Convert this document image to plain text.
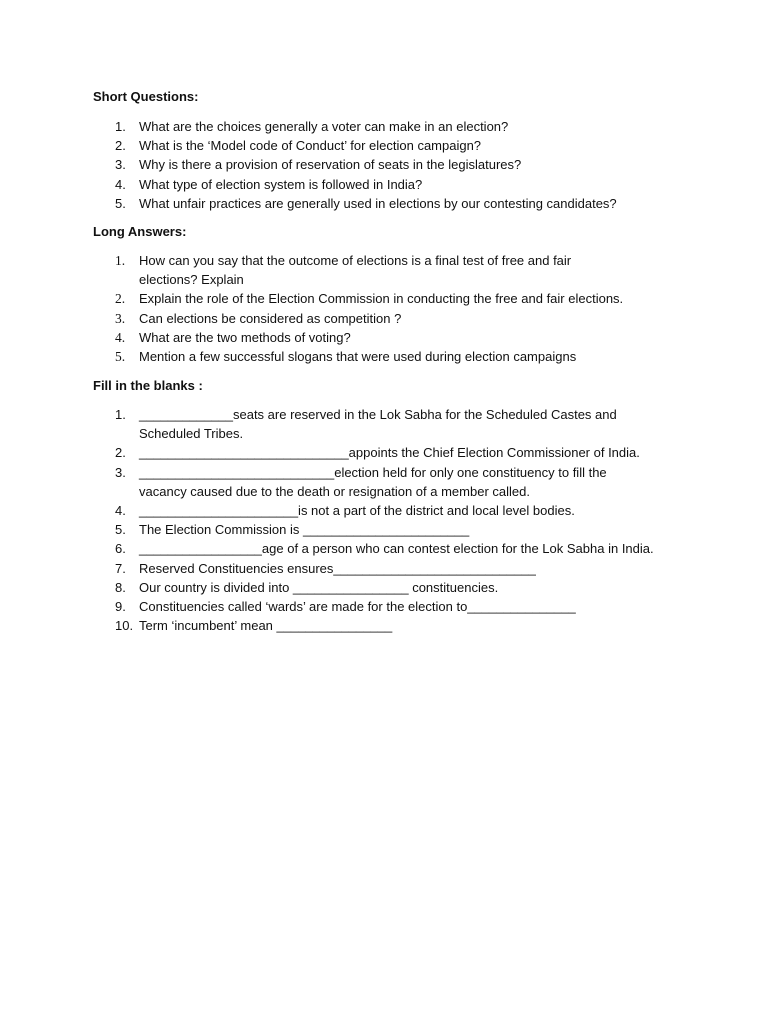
Short Questions:
1.	What are the choices generally a voter can make in an election?
2.	What is the ‘Model code of Conduct’ for election campaign?
3.	Why is there a provision of reservation of seats in the legislatures?
4.	What type of election system is followed in India?
5.	What unfair practices are generally used in elections by our contesting candidates?
Long Answers:
1.	How can you say that the outcome of elections is a final test of free and fair elections? Explain
2.	Explain the role of the Election Commission in conducting the free and fair elections.
3.	Can elections be considered as competition ?
4.	What are the two methods of voting?
5.	Mention a few successful slogans that were used during election campaigns
Fill in the blanks :
1.	_____________seats are reserved in the Lok Sabha for the Scheduled Castes and Scheduled Tribes.
2.	_____________________________appoints the Chief Election Commissioner of India.
3.	___________________________election held for only one constituency to fill the vacancy caused due to the death or resignation of a member called.
4.	______________________is not a part of the district and local level bodies.
5.	The Election Commission is _______________________
6.	_________________age of a person who can contest election for the Lok Sabha in India.
7.	Reserved Constituencies ensures____________________________
8.	Our country is divided into ________________ constituencies.
9.	Constituencies called ‘wards’ are made for the election to_______________
10. Term ‘incumbent’ mean ________________
